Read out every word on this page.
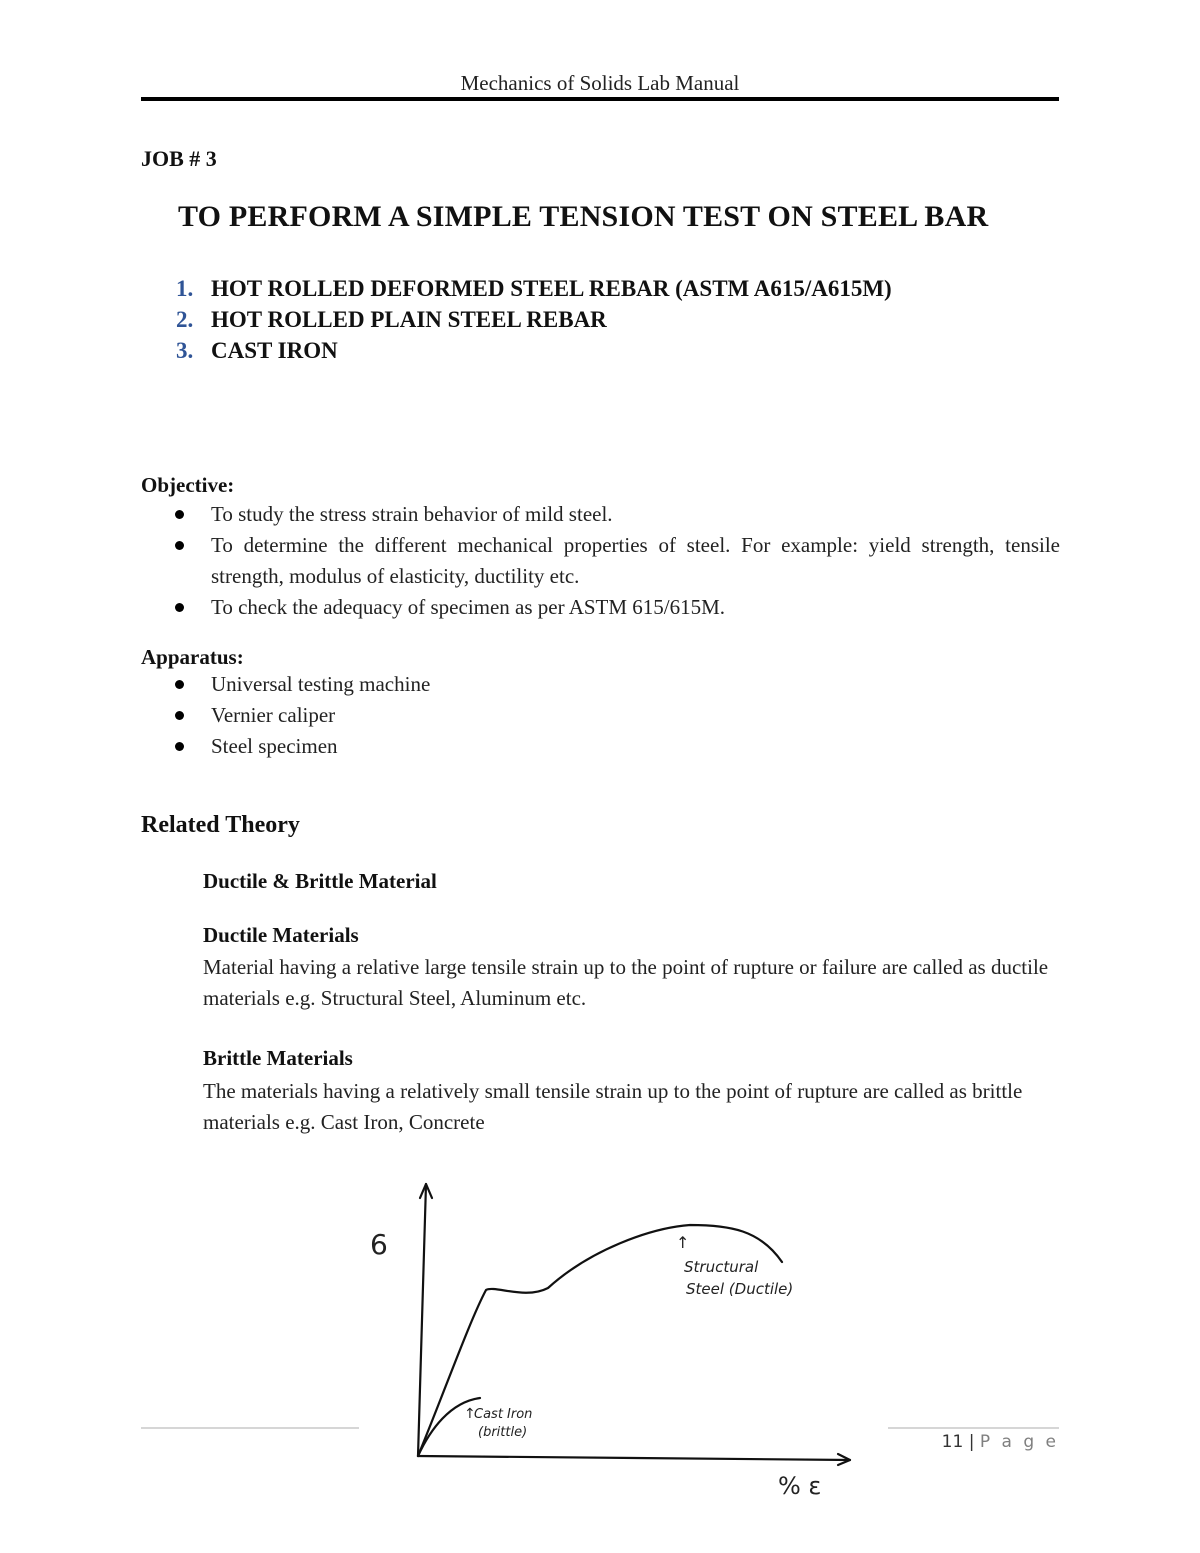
Mechanics of Solids Lab Manual
JOB # 3
TO PERFORM A SIMPLE TENSION TEST ON STEEL BAR
1. HOT ROLLED DEFORMED STEEL REBAR (ASTM A615/A615M)
2. HOT ROLLED PLAIN STEEL REBAR
3. CAST IRON
Objective:
To study the stress strain behavior of mild steel.
To determine the different mechanical properties of steel. For example: yield strength, tensile strength, modulus of elasticity, ductility etc.
To check the adequacy of specimen as per ASTM 615/615M.
Apparatus:
Universal testing machine
Vernier caliper
Steel specimen
Related Theory
Ductile & Brittle Material
Ductile Materials
Material having a relative large tensile strain up to the point of rupture or failure are called as ductile materials e.g. Structural Steel, Aluminum etc.
Brittle Materials
The materials having a relatively small tensile strain up to the point of rupture are called as brittle materials e.g. Cast Iron, Concrete
6
% ε
↑
Structural
Steel (Ductile)
↑
Cast Iron
(brittle)	11 | P a g e
